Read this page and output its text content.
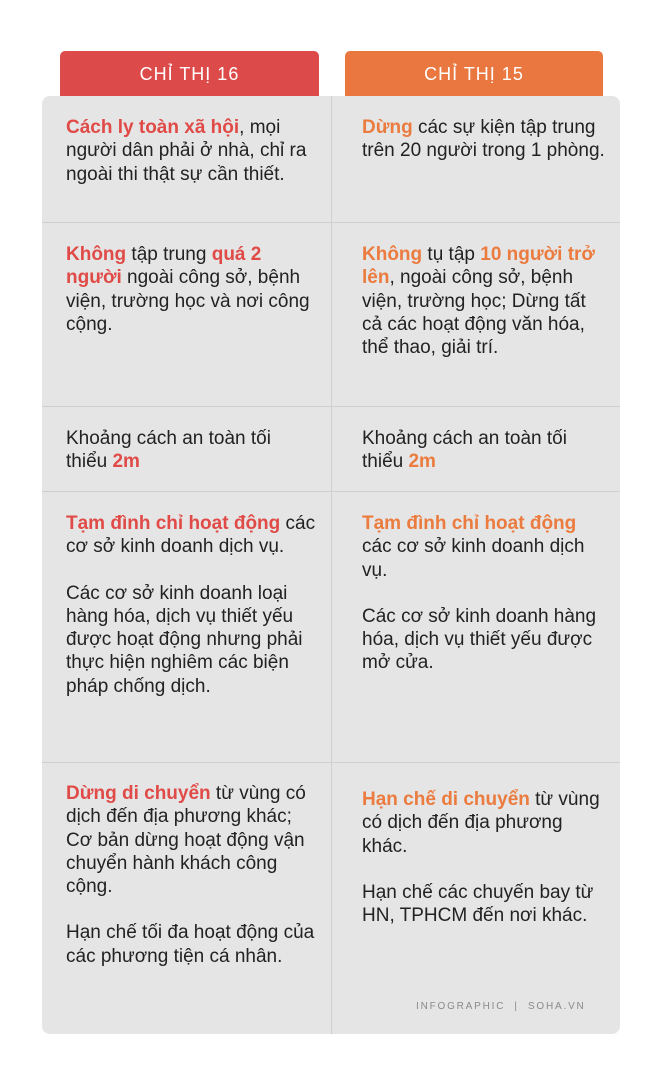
CHỈ THỊ 16	CHỈ THỊ 15

Cách ly toàn xã hội, mọi người dân phải ở nhà, chỉ ra ngoài thi thật sự cần thiết.

Dừng các sự kiện tập trung trên 20 người trong 1 phòng.

Không tập trung quá 2 người ngoài công sở, bệnh viện, trường học và nơi công cộng.

Không tụ tập 10 người trở lên, ngoài công sở, bệnh viện, trường học; Dừng tất cả các hoạt động văn hóa, thể thao, giải trí.

Khoảng cách an toàn tối thiểu 2m

Khoảng cách an toàn tối thiểu 2m

Tạm đình chỉ hoạt động các cơ sở kinh doanh dịch vụ.

Các cơ sở kinh doanh loại hàng hóa, dịch vụ thiết yếu được hoạt động nhưng phải thực hiện nghiêm các biện pháp chống dịch.

Tạm đình chỉ hoạt động các cơ sở kinh doanh dịch vụ.

Các cơ sở kinh doanh hàng hóa, dịch vụ thiết yếu được mở cửa.

Dừng di chuyển từ vùng có dịch đến địa phương khác; Cơ bản dừng hoạt động vận chuyển hành khách công cộng.

Hạn chế tối đa hoạt động của các phương tiện cá nhân.

Hạn chế di chuyển từ vùng có dịch đến địa phương khác.

Hạn chế các chuyến bay từ HN, TPHCM đến nơi khác.

INFOGRAPHIC  |  SOHA.VN
